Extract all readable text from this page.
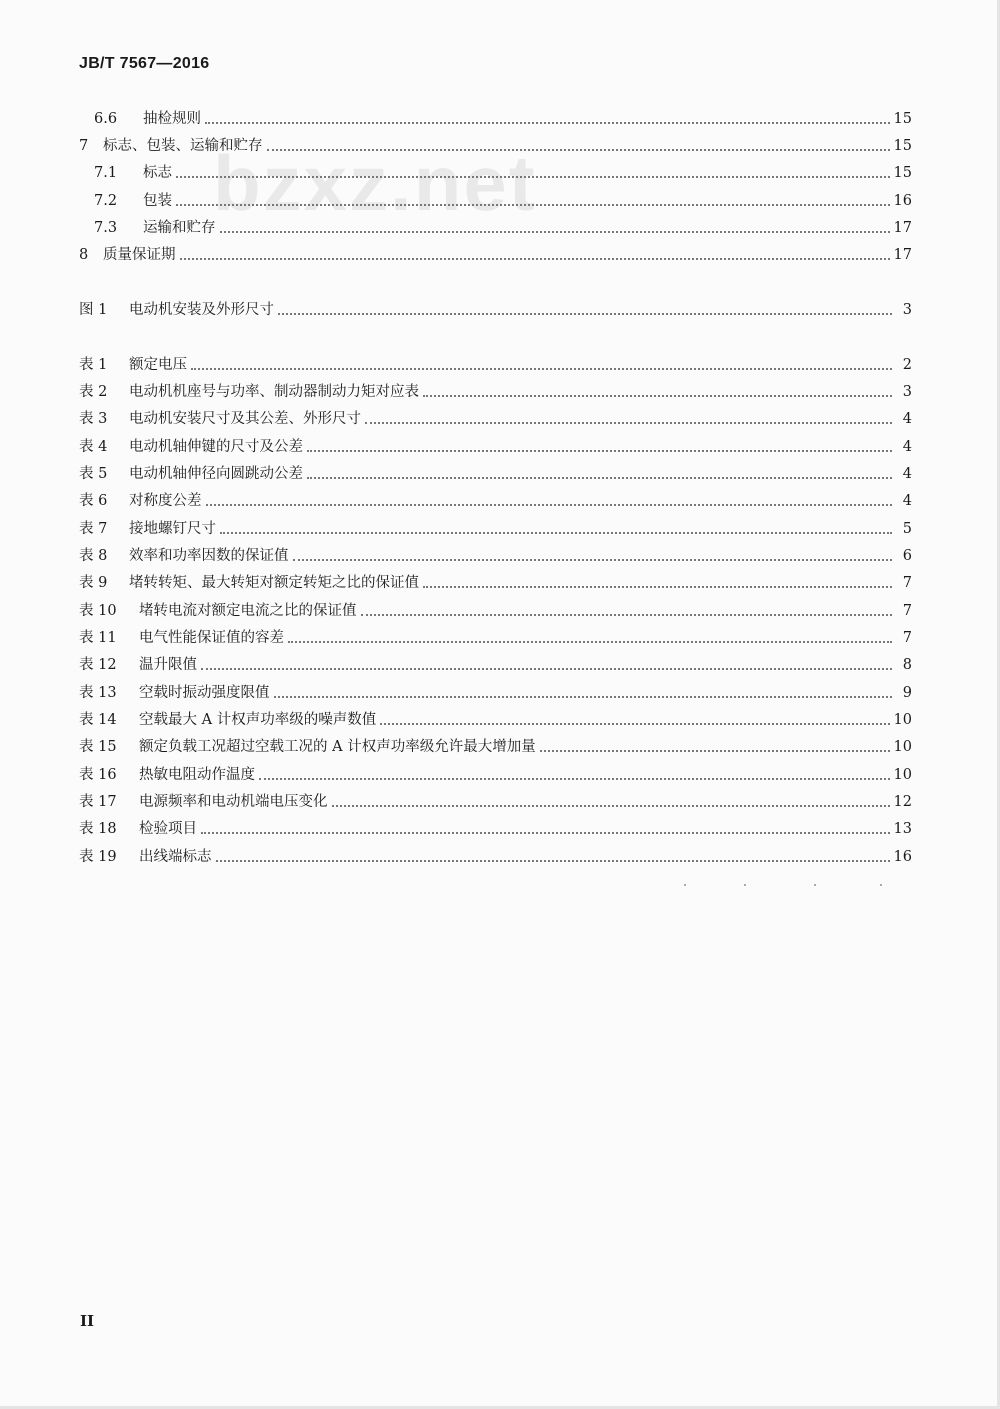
JB/T 7567—2016
bzxz.net
6.6	抽检规则	15
7	标志、包装、运输和贮存	15
7.1	标志	15
7.2	包装	16
7.3	运输和贮存	17
8	质量保证期	17
图 1	电动机安装及外形尺寸	3
表 1	额定电压	2
表 2	电动机机座号与功率、制动器制动力矩对应表	3
表 3	电动机安装尺寸及其公差、外形尺寸	4
表 4	电动机轴伸键的尺寸及公差	4
表 5	电动机轴伸径向圆跳动公差	4
表 6	对称度公差	4
表 7	接地螺钉尺寸	5
表 8	效率和功率因数的保证值	6
表 9	堵转转矩、最大转矩对额定转矩之比的保证值	7
表 10	堵转电流对额定电流之比的保证值	7
表 11	电气性能保证值的容差	7
表 12	温升限值	8
表 13	空载时振动强度限值	9
表 14	空载最大 A 计权声功率级的噪声数值	10
表 15	额定负载工况超过空载工况的 A 计权声功率级允许最大增加量	10
表 16	热敏电阻动作温度	10
表 17	电源频率和电动机端电压变化	12
表 18	检验项目	13
表 19	出线端标志	16
II
